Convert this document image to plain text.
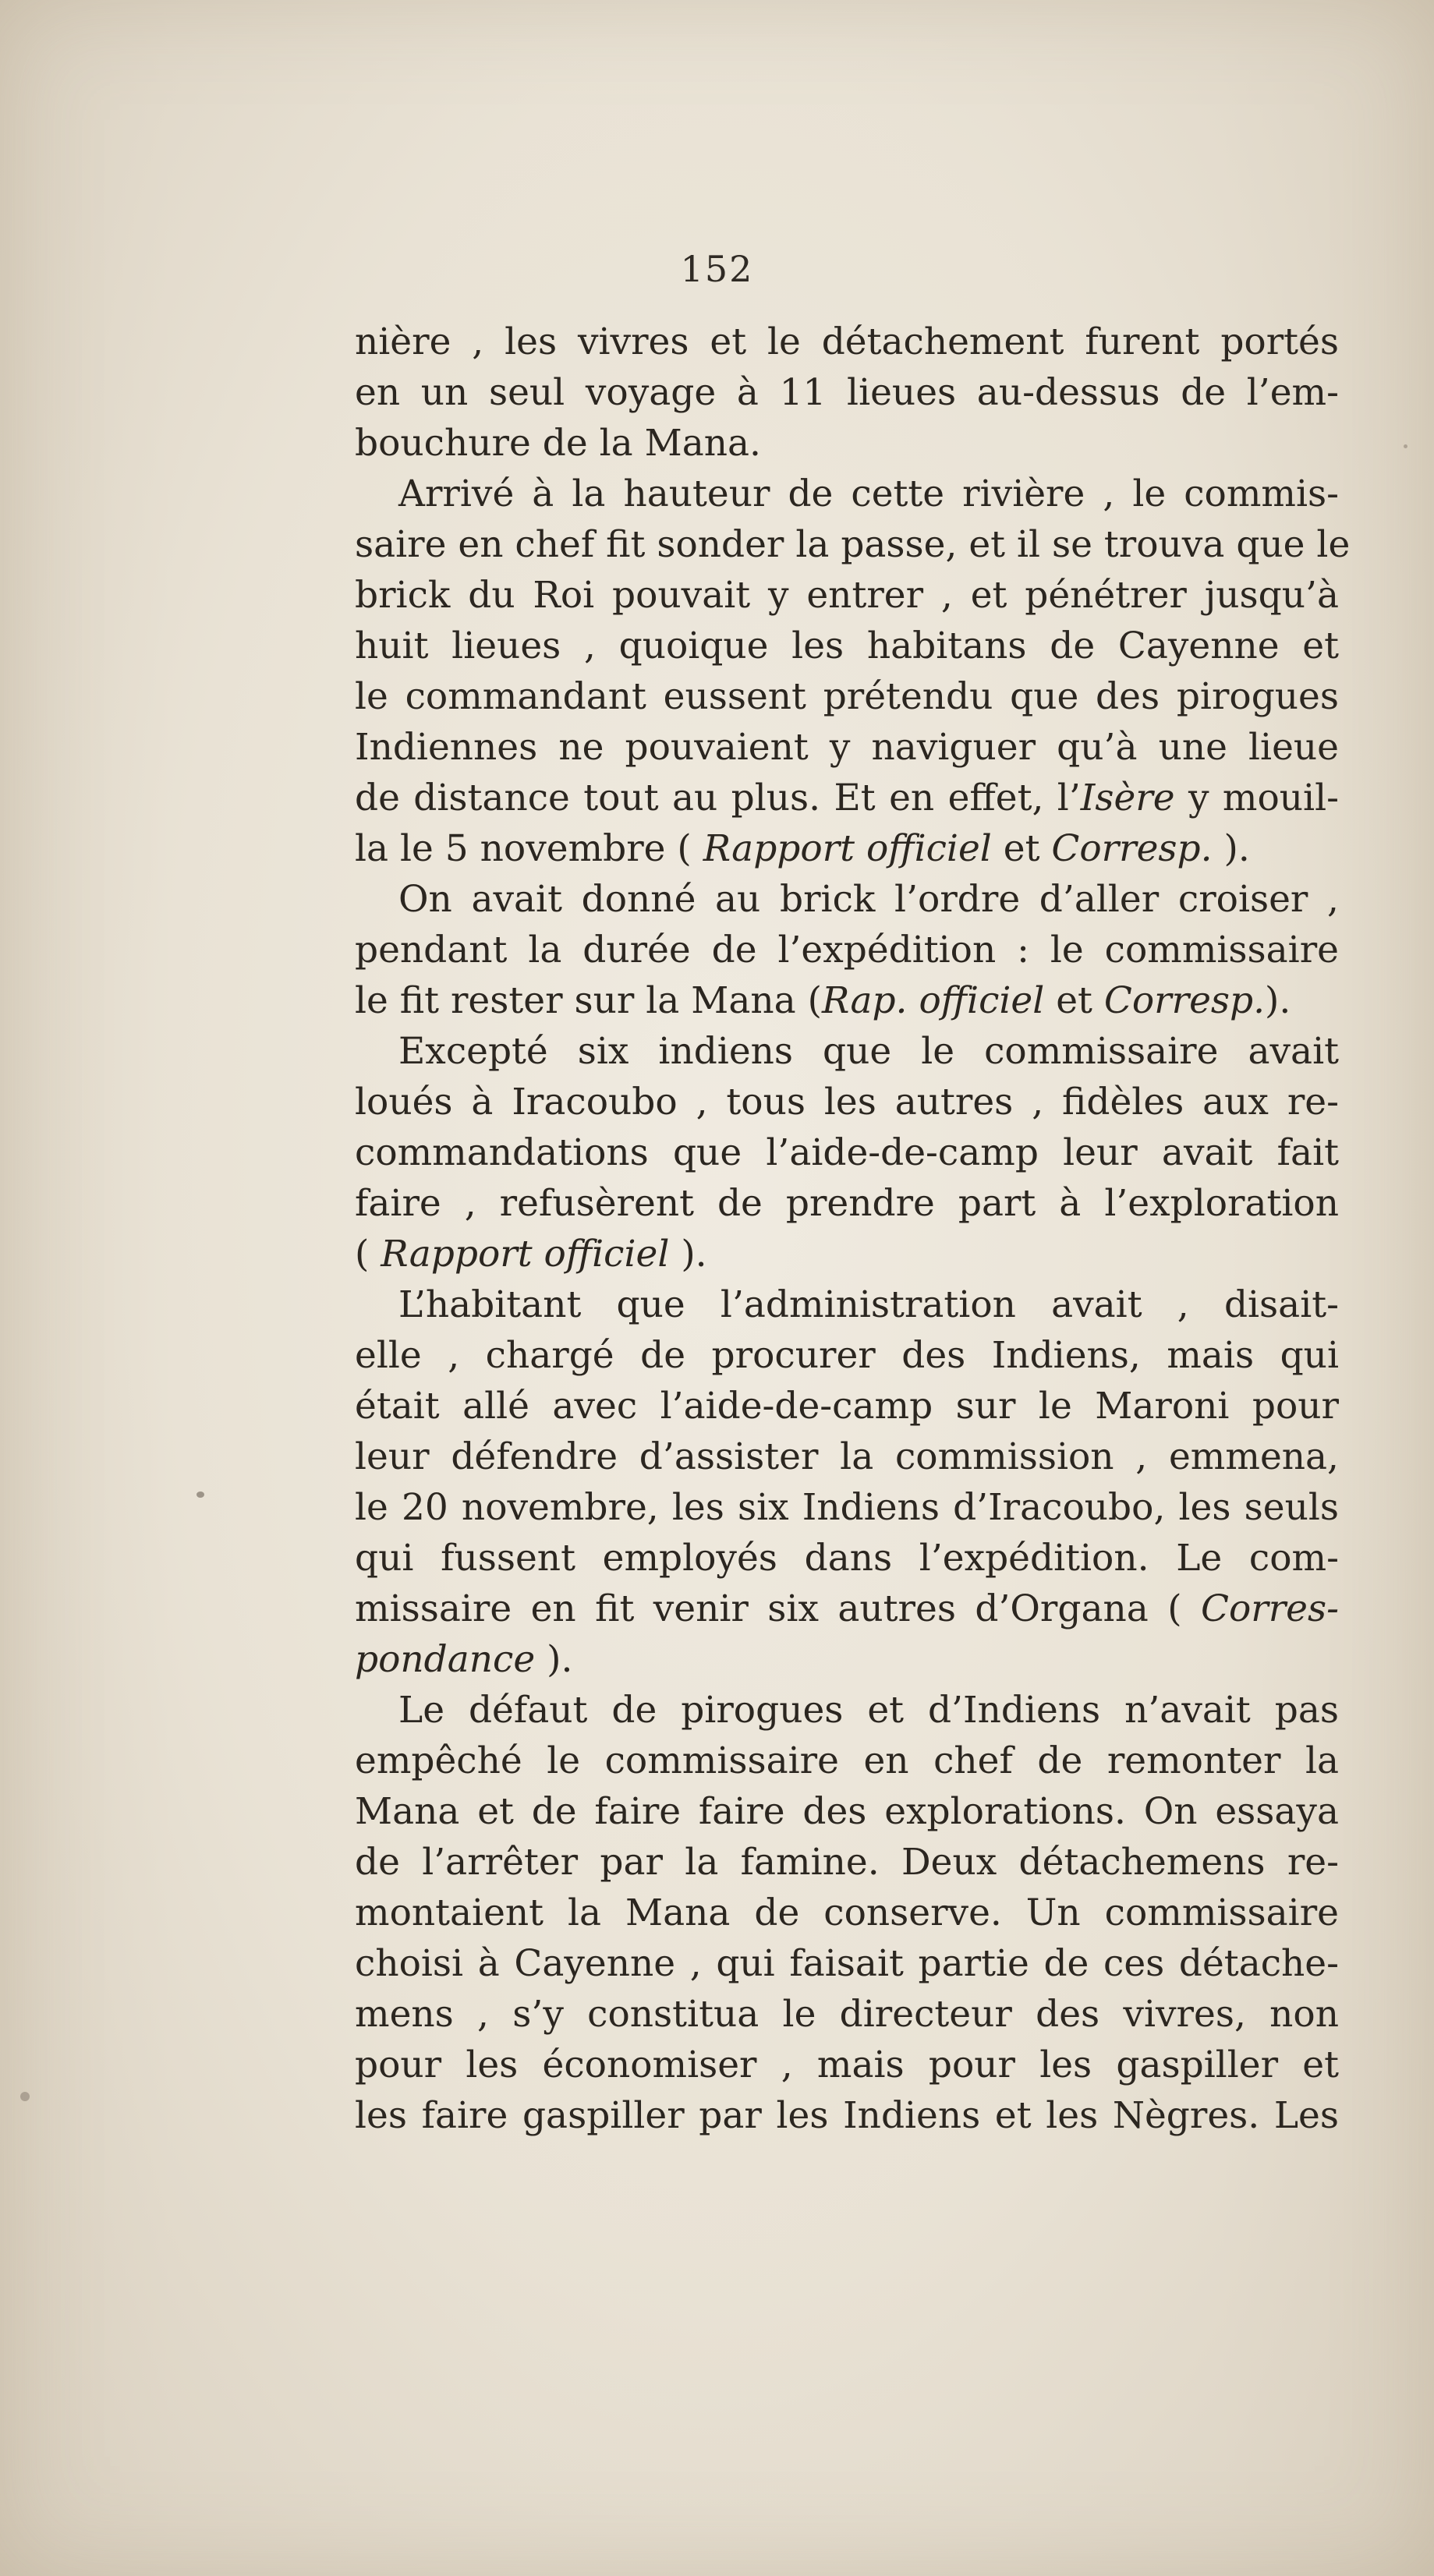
152
nière , les vivres et le détachement furent portés
en un seul voyage à 11 lieues au-dessus de l’em-
bouchure de la Mana.
Arrivé à la hauteur de cette rivière , le commis-
saire en chef fit sonder la passe, et il se trouva que le
brick du Roi pouvait y entrer , et pénétrer jusqu’à
huit lieues , quoique les habitans de Cayenne et
le commandant eussent prétendu que des pirogues
Indiennes ne pouvaient y naviguer qu’à une lieue
de distance tout au plus. Et en effet, l’Isère y mouil-
la le 5 novembre ( Rapport officiel et Corresp. ).
On avait donné au brick l’ordre d’aller croiser ,
pendant la durée de l’expédition : le commissaire
le fit rester sur la Mana (Rap. officiel et Corresp.).
Excepté six indiens que le commissaire avait
loués à Iracoubo , tous les autres , fidèles aux re-
commandations que l’aide-de-camp leur avait fait
faire , refusèrent de prendre part à l’exploration
( Rapport officiel ).
L’habitant que l’administration avait , disait-
elle , chargé de procurer des Indiens, mais qui
était allé avec l’aide-de-camp sur le Maroni pour
leur défendre d’assister la commission , emmena,
le 20 novembre, les six Indiens d’Iracoubo, les seuls
qui fussent employés dans l’expédition. Le com-
missaire en fit venir six autres d’Organa ( Corres-
pondance ).
Le défaut de pirogues et d’Indiens n’avait pas
empêché le commissaire en chef de remonter la
Mana et de faire faire des explorations. On essaya
de l’arrêter par la famine. Deux détachemens re-
montaient la Mana de conserve. Un commissaire
choisi à Cayenne , qui faisait partie de ces détache-
mens , s’y constitua le directeur des vivres, non
pour les économiser , mais pour les gaspiller et
les faire gaspiller par les Indiens et les Nègres. Les
